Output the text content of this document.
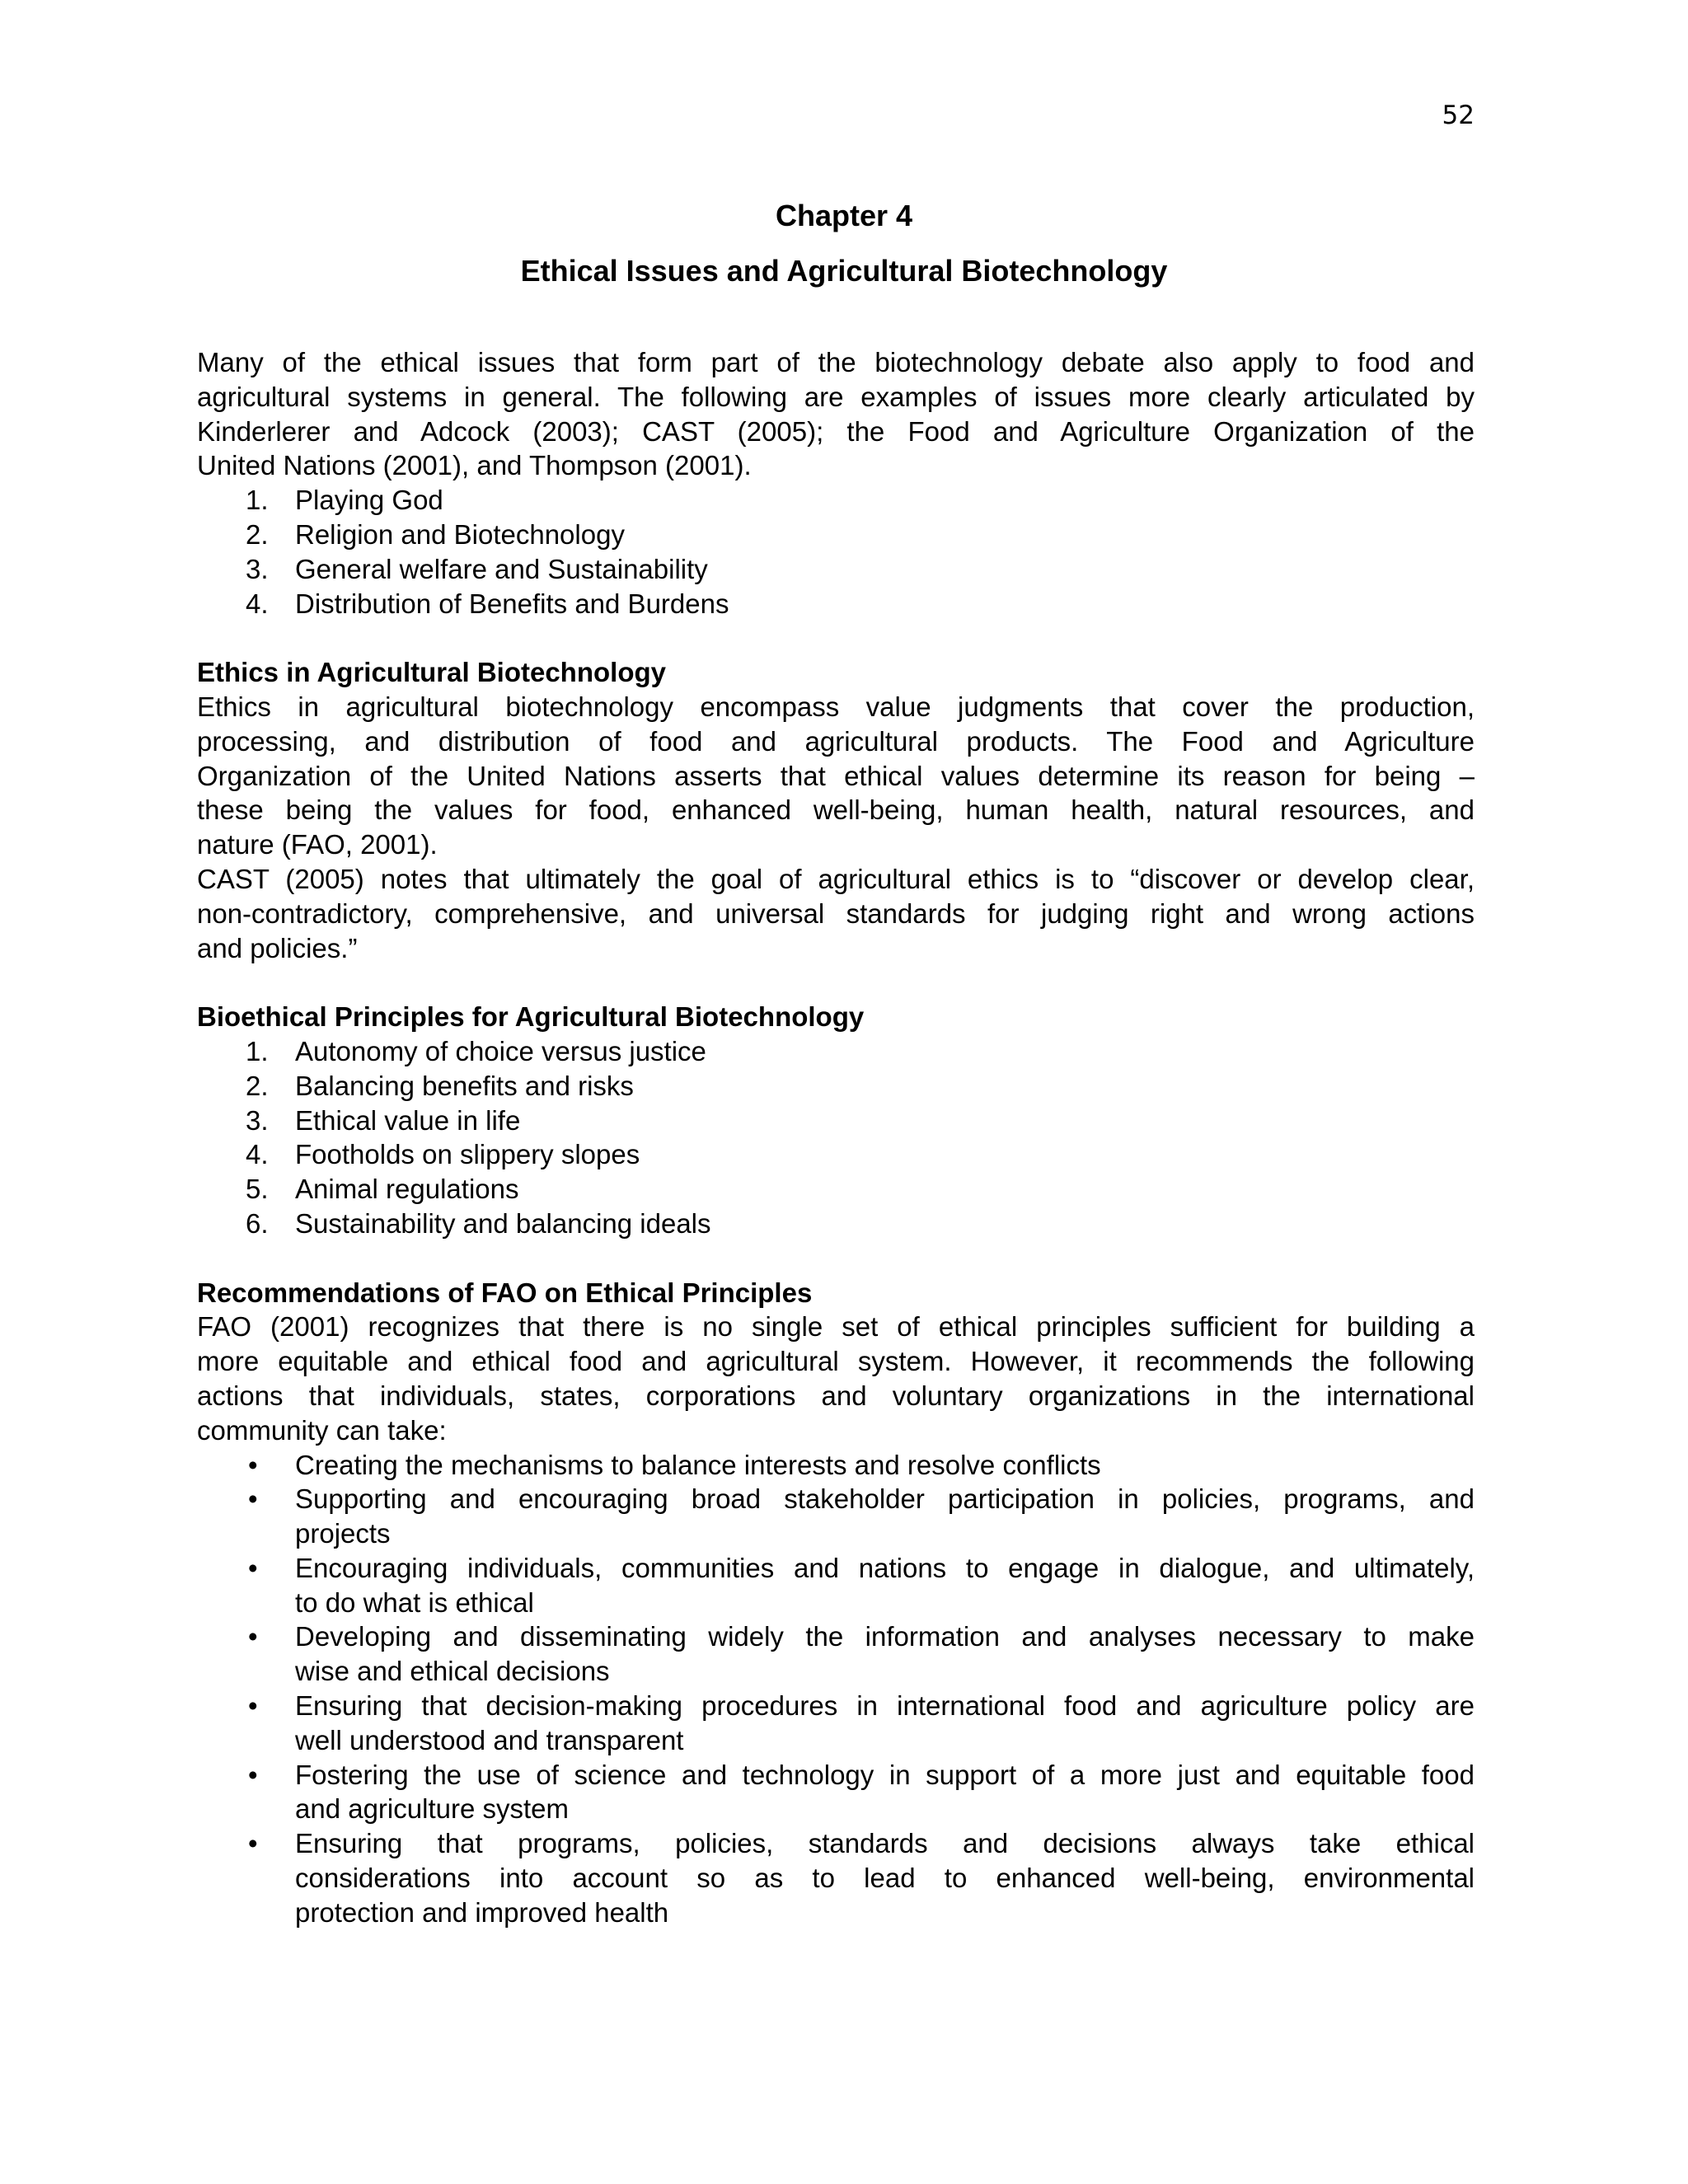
52
Chapter 4
Ethical Issues and Agricultural Biotechnology
Many of the ethical issues that form part of the biotechnology debate also apply to food and
agricultural systems in general. The following are examples of issues more clearly articulated by
Kinderlerer and Adcock (2003); CAST (2005); the Food and Agriculture Organization of the
United Nations (2001), and Thompson (2001).
1. Playing God
2. Religion and Biotechnology
3. General welfare and Sustainability
4. Distribution of Benefits and Burdens
Ethics in Agricultural Biotechnology
Ethics in agricultural biotechnology encompass value judgments that cover the production,
processing, and distribution of food and agricultural products. The Food and Agriculture
Organization of the United Nations asserts that ethical values determine its reason for being –
these being the values for food, enhanced well-being, human health, natural resources, and
nature (FAO, 2001).
CAST (2005) notes that ultimately the goal of agricultural ethics is to “discover or develop clear,
non-contradictory, comprehensive, and universal standards for judging right and wrong actions
and policies.”
Bioethical Principles for Agricultural Biotechnology
1. Autonomy of choice versus justice
2. Balancing benefits and risks
3. Ethical value in life
4. Footholds on slippery slopes
5. Animal regulations
6. Sustainability and balancing ideals
Recommendations of FAO on Ethical Principles
FAO (2001) recognizes that there is no single set of ethical principles sufficient for building a
more equitable and ethical food and agricultural system. However, it recommends the following
actions that individuals, states, corporations and voluntary organizations in the international
community can take:
• Creating the mechanisms to balance interests and resolve conflicts
• Supporting and encouraging broad stakeholder participation in policies, programs, and
projects
• Encouraging individuals, communities and nations to engage in dialogue, and ultimately,
to do what is ethical
• Developing and disseminating widely the information and analyses necessary to make
wise and ethical decisions
• Ensuring that decision-making procedures in international food and agriculture policy are
well understood and transparent
• Fostering the use of science and technology in support of a more just and equitable food
and agriculture system
• Ensuring that programs, policies, standards and decisions always take ethical
considerations into account so as to lead to enhanced well-being, environmental
protection and improved health
